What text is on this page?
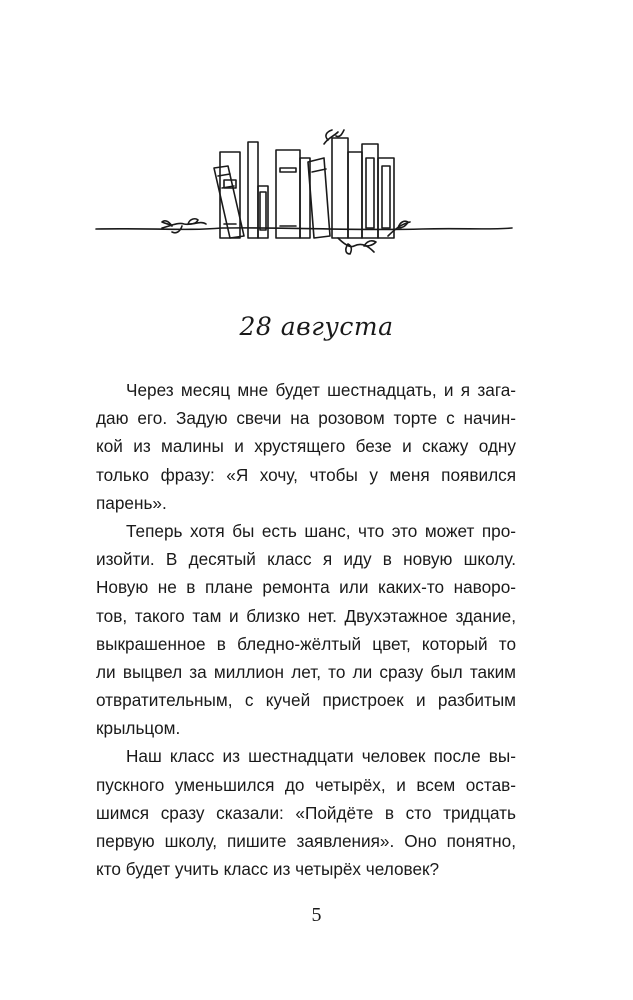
28 августа
Через месяц мне будет шестнадцать, и я зага-
даю его. Задую свечи на розовом торте с начин-
кой из малины и хрустящего безе и скажу одну
только фразу: «Я хочу, чтобы у меня появился
парень».
Теперь хотя бы есть шанс, что это может про-
изойти. В десятый класс я иду в новую школу.
Новую не в плане ремонта или каких-то наворо-
тов, такого там и близко нет. Двухэтажное здание,
выкрашенное в бледно-жёлтый цвет, который то
ли выцвел за миллион лет, то ли сразу был таким
отвратительным, с кучей пристроек и разбитым
крыльцом.
Наш класс из шестнадцати человек после вы-
пускного уменьшился до четырёх, и всем остав-
шимся сразу сказали: «Пойдёте в сто тридцать
первую школу, пишите заявления». Оно понятно,
кто будет учить класс из четырёх человек?
5
